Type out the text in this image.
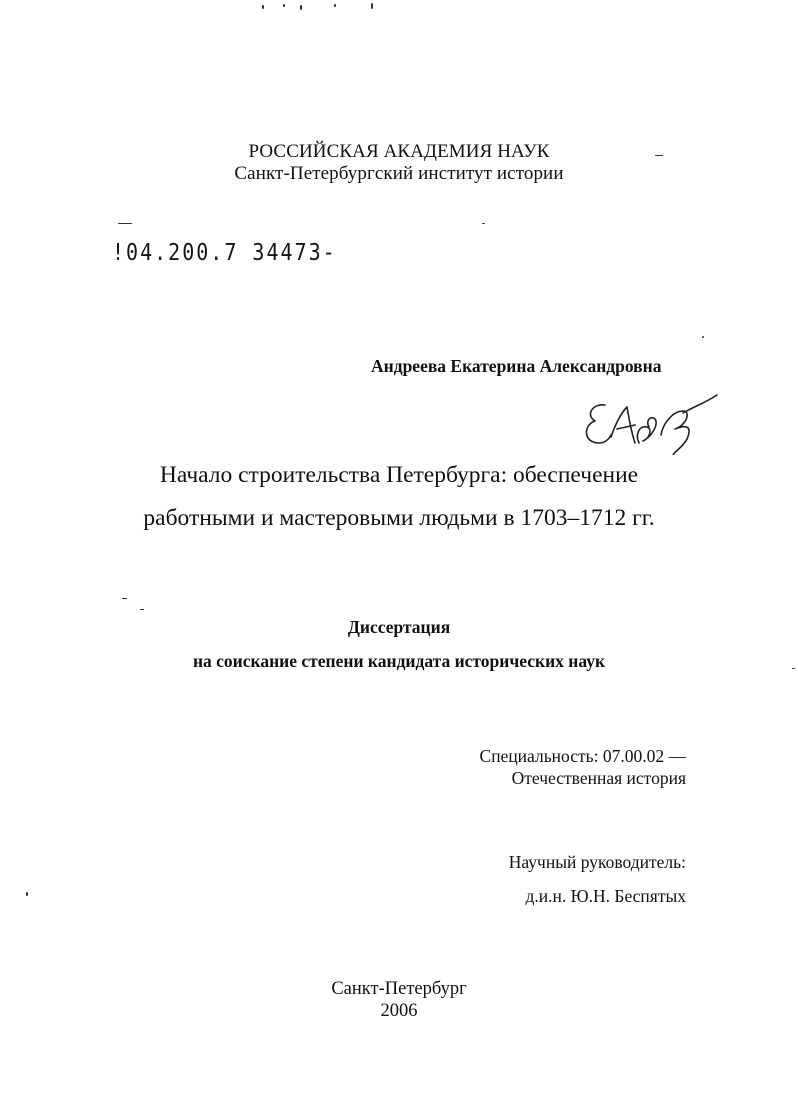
РОССИЙСКАЯ АКАДЕМИЯ НАУК
Санкт-Петербургский институт истории
!04.200.7 34473-
Андреева Екатерина Александровна
Начало строительства Петербурга: обеспечение
работными и мастеровыми людьми в 1703–1712 гг.
Диссертация
на соискание степени кандидата исторических наук
Специальность: 07.00.02 —
Отечественная история
Научный руководитель:
д.и.н. Ю.Н. Беспятых
Санкт-Петербург
2006
